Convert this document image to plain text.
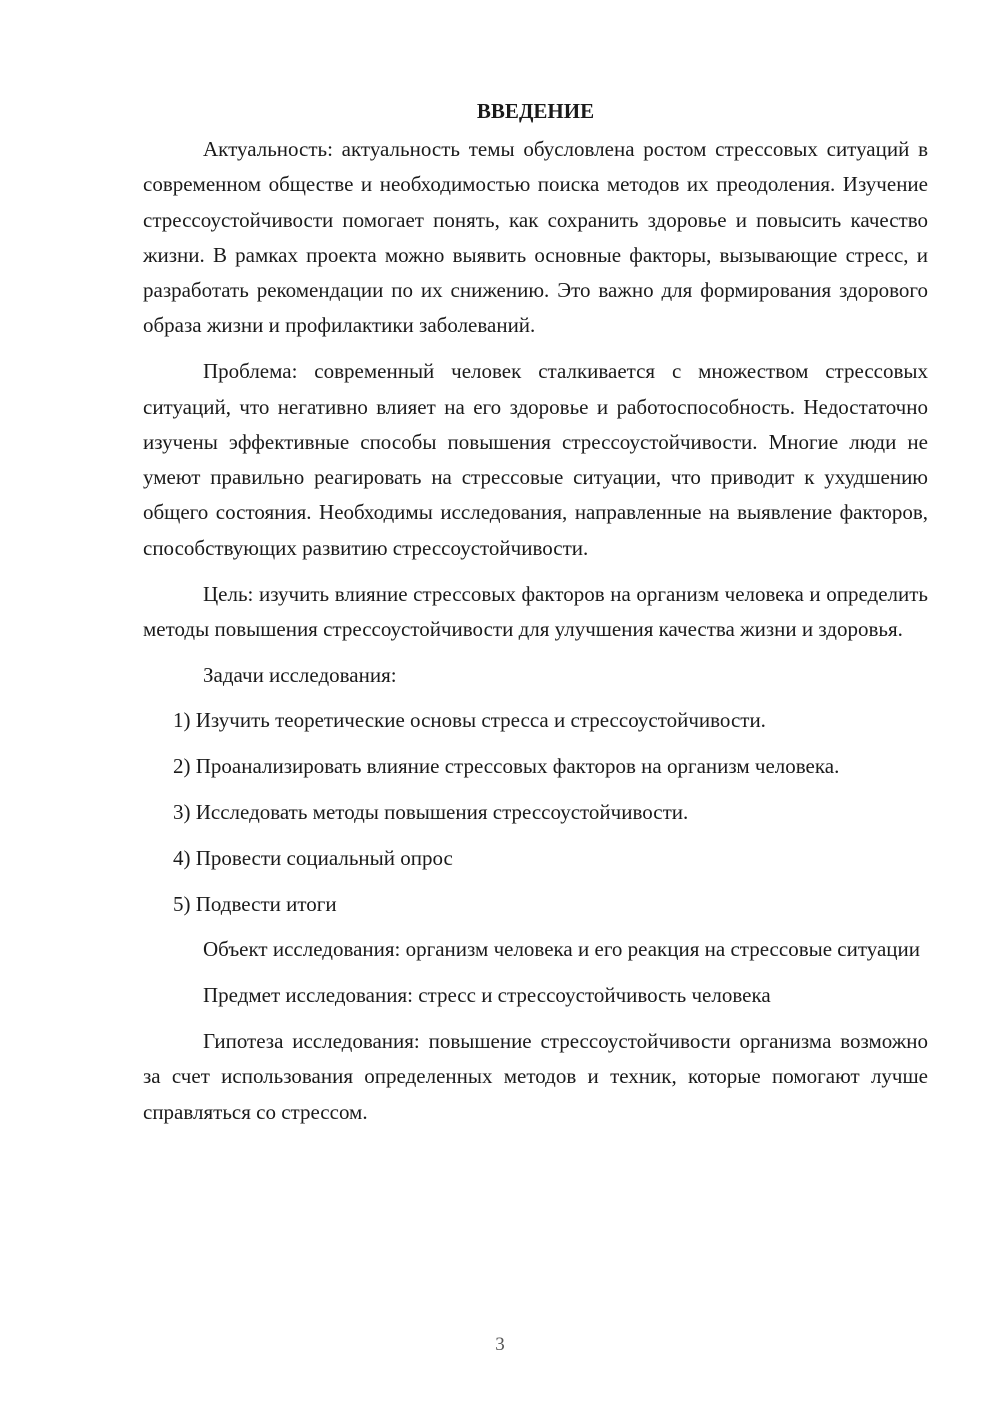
ВВЕДЕНИЕ

Актуальность: актуальность темы обусловлена ростом стрессовых ситуаций в современном обществе и необходимостью поиска методов их преодоления. Изучение стрессоустойчивости помогает понять, как сохранить здоровье и повысить качество жизни. В рамках проекта можно выявить основные факторы, вызывающие стресс, и разработать рекомендации по их снижению. Это важно для формирования здорового образа жизни и профилактики заболеваний.

Проблема: современный человек сталкивается с множеством стрессовых ситуаций, что негативно влияет на его здоровье и работоспособность. Недостаточно изучены эффективные способы повышения стрессоустойчивости. Многие люди не умеют правильно реагировать на стрессовые ситуации, что приводит к ухудшению общего состояния. Необходимы исследования, направленные на выявление факторов, способствующих развитию стрессоустойчивости.

Цель: изучить влияние стрессовых факторов на организм человека и определить методы повышения стрессоустойчивости для улучшения качества жизни и здоровья.

Задачи исследования:

1) Изучить теоретические основы стресса и стрессоустойчивости.

2) Проанализировать влияние стрессовых факторов на организм человека.

3) Исследовать методы повышения стрессоустойчивости.

4) Провести социальный опрос

5) Подвести итоги

Объект исследования: организм человека и его реакция на стрессовые ситуации

Предмет исследования: стресс и стрессоустойчивость человека

Гипотеза исследования: повышение стрессоустойчивости организма возможно за счет использования определенных методов и техник, которые помогают лучше справляться со стрессом.

3
